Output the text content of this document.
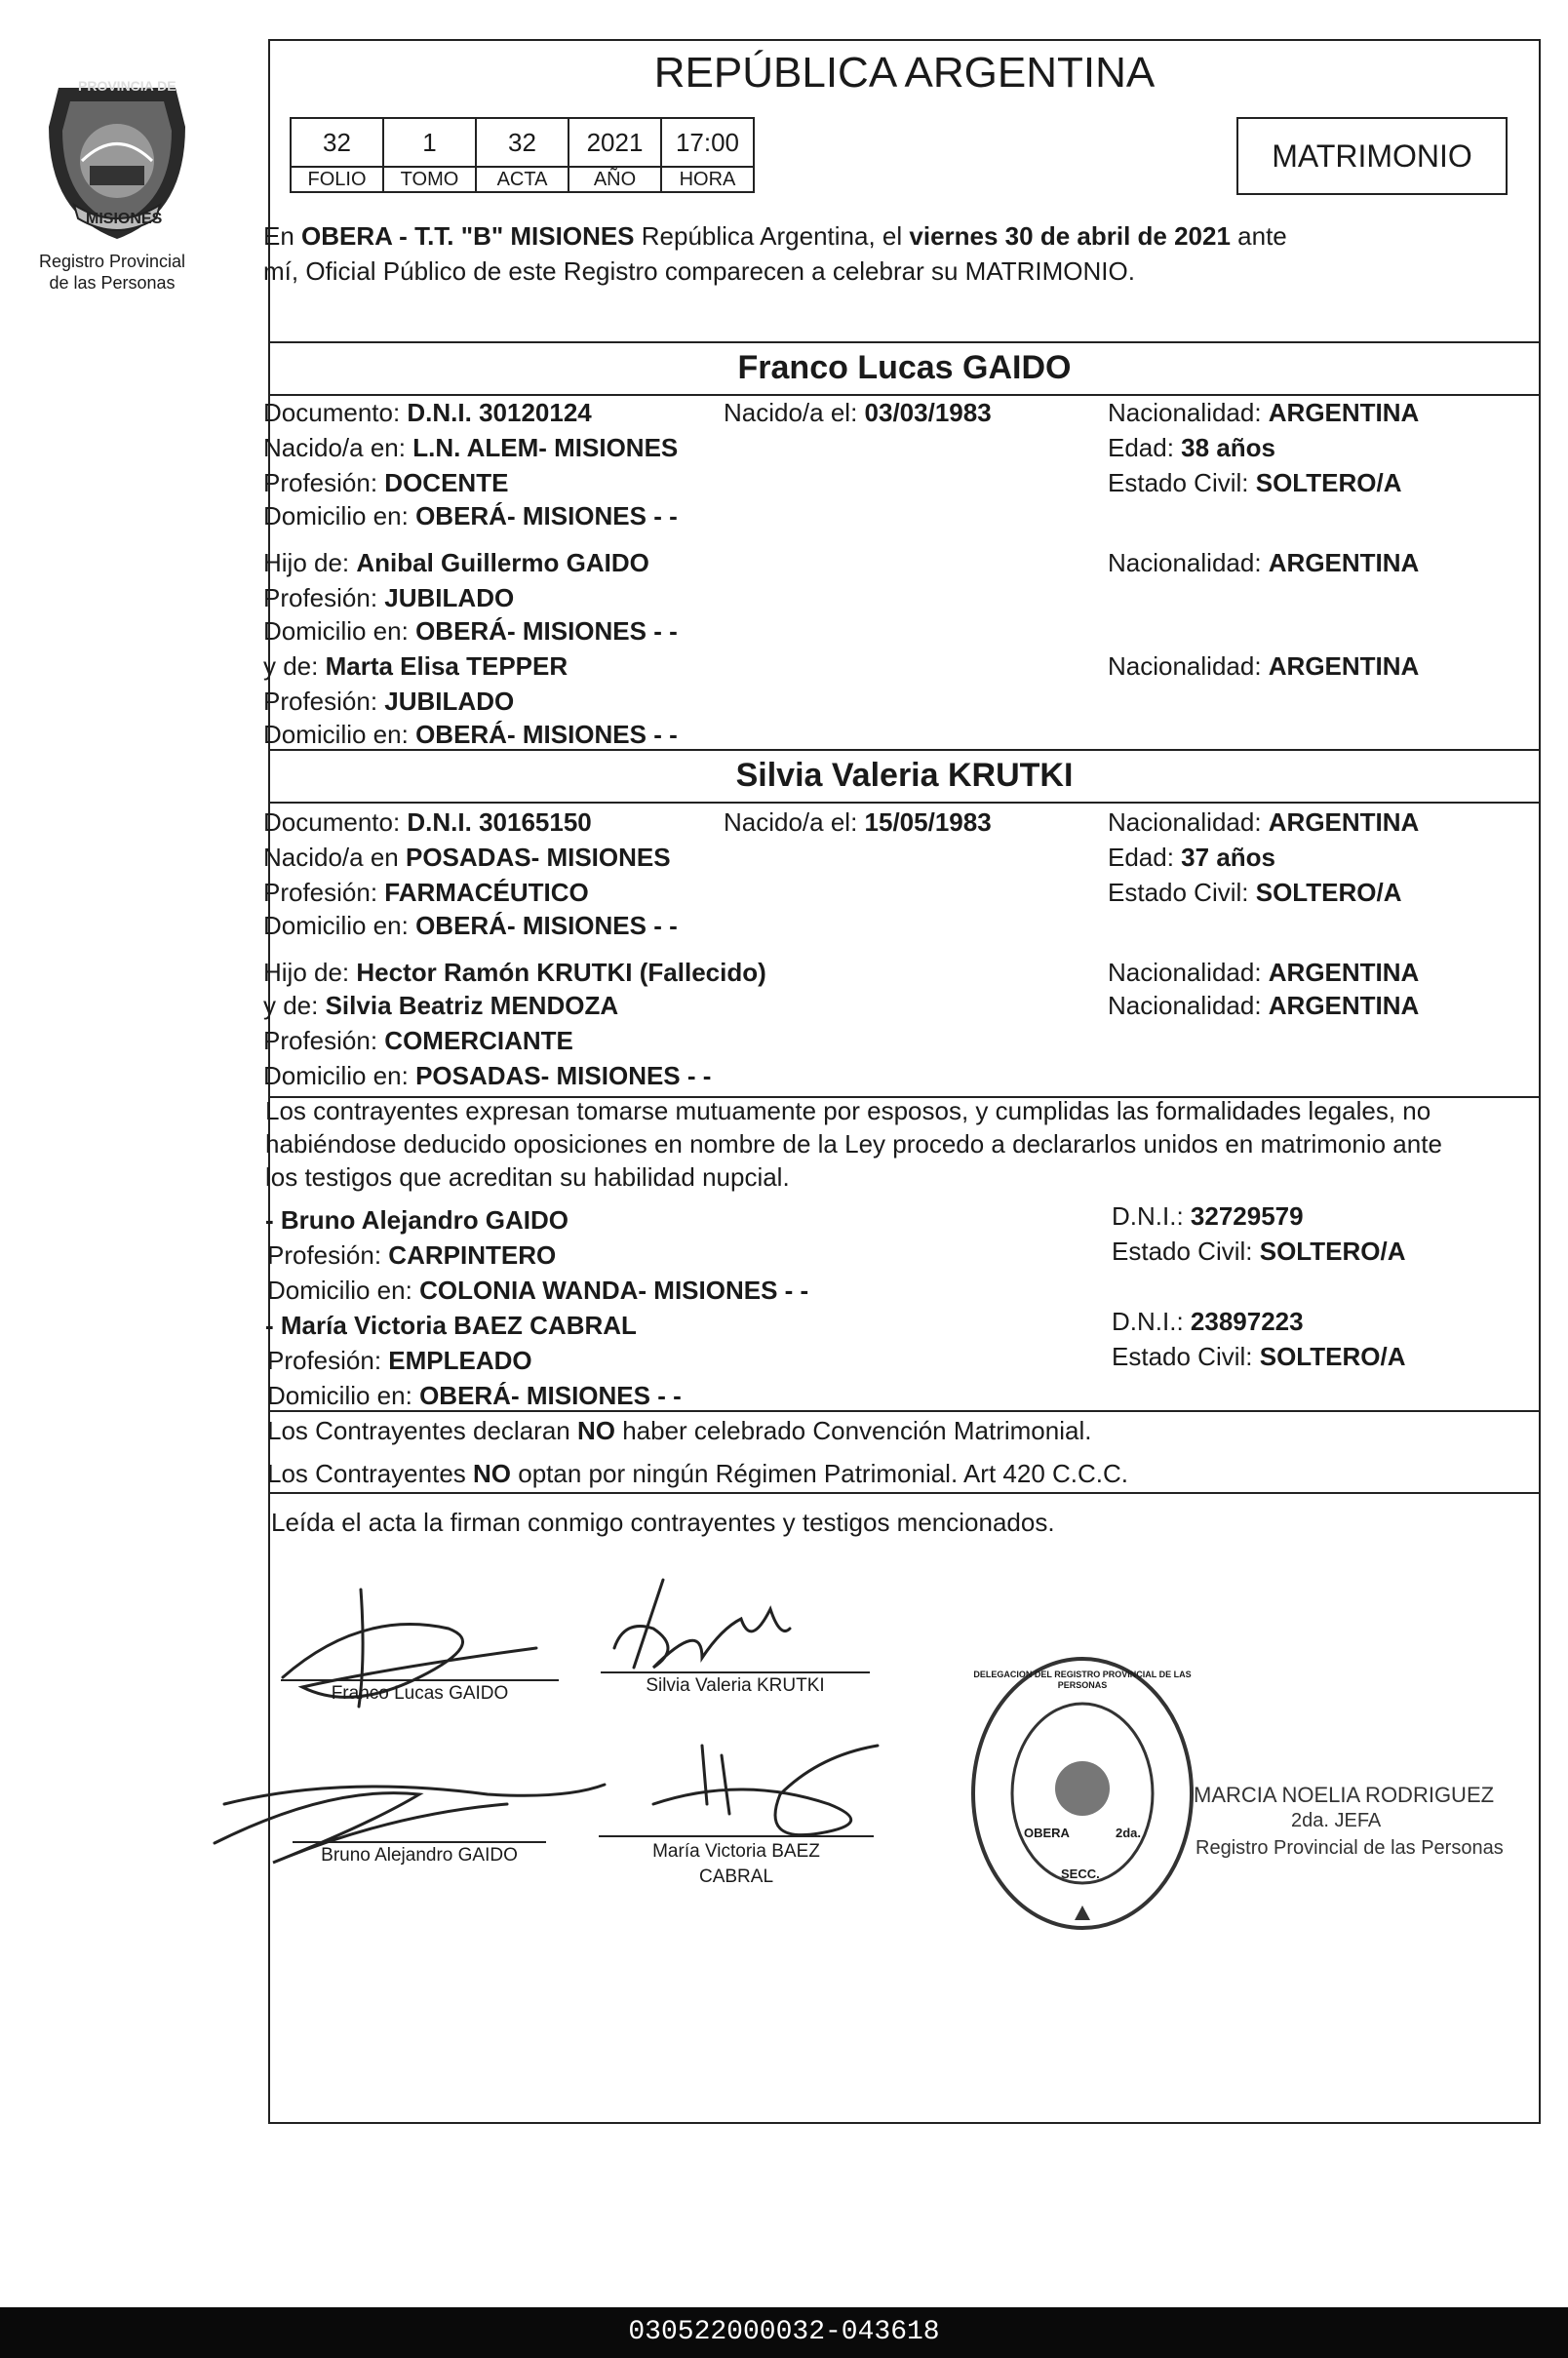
PROVINCIA DE
MISIONES
Registro Provincial
de las Personas
REPÚBLICA ARGENTINA
32	1	32	2021	17:00
FOLIO	TOMO	ACTA	AÑO	HORA
MATRIMONIO
En OBERA - T.T. "B" MISIONES República Argentina, el viernes 30 de abril de 2021 ante
mí, Oficial Público de este Registro comparecen a celebrar su MATRIMONIO.
Franco Lucas GAIDO
Documento: D.N.I. 30120124	Nacido/a el: 03/03/1983	Nacionalidad: ARGENTINA
Nacido/a en: L.N. ALEM- MISIONES	Edad: 38 años
Profesión: DOCENTE	Estado Civil: SOLTERO/A
Domicilio en: OBERÁ- MISIONES - -
Hijo de: Anibal Guillermo GAIDO	Nacionalidad: ARGENTINA
Profesión: JUBILADO
Domicilio en: OBERÁ- MISIONES - -
y de: Marta Elisa TEPPER	Nacionalidad: ARGENTINA
Profesión: JUBILADO
Domicilio en: OBERÁ- MISIONES - -
Silvia Valeria KRUTKI
Documento: D.N.I. 30165150	Nacido/a el: 15/05/1983	Nacionalidad: ARGENTINA
Nacido/a en POSADAS- MISIONES	Edad: 37 años
Profesión: FARMACÉUTICO	Estado Civil: SOLTERO/A
Domicilio en: OBERÁ- MISIONES - -
Hijo de: Hector Ramón KRUTKI (Fallecido)	Nacionalidad: ARGENTINA
y de: Silvia Beatriz MENDOZA	Nacionalidad: ARGENTINA
Profesión: COMERCIANTE
Domicilio en: POSADAS- MISIONES - -
Los contrayentes expresan tomarse mutuamente por esposos, y cumplidas las formalidades legales, no
habiéndose deducido oposiciones en nombre de la Ley procedo a declararlos unidos en matrimonio ante
los testigos que acreditan su habilidad nupcial.
- Bruno Alejandro GAIDO	D.N.I.: 32729579
Profesión: CARPINTERO	Estado Civil: SOLTERO/A
Domicilio en: COLONIA WANDA- MISIONES - -
- María Victoria BAEZ CABRAL	D.N.I.: 23897223
Profesión: EMPLEADO	Estado Civil: SOLTERO/A
Domicilio en: OBERÁ- MISIONES - -
Los Contrayentes declaran NO haber celebrado Convención Matrimonial.
Los Contrayentes NO optan por ningún Régimen Patrimonial. Art 420 C.C.C.
Leída el acta la firman conmigo contrayentes y testigos mencionados.
Franco Lucas GAIDO	Silvia Valeria KRUTKI
Bruno Alejandro GAIDO	María Victoria BAEZ
CABRAL
DELEGACION DEL REGISTRO PROVINCIAL DE LAS PERSONAS
OBERA	2da.
SECC.
MARCIA NOELIA RODRIGUEZ
2da. JEFA
Registro Provincial de las Personas
030522000032-043618
